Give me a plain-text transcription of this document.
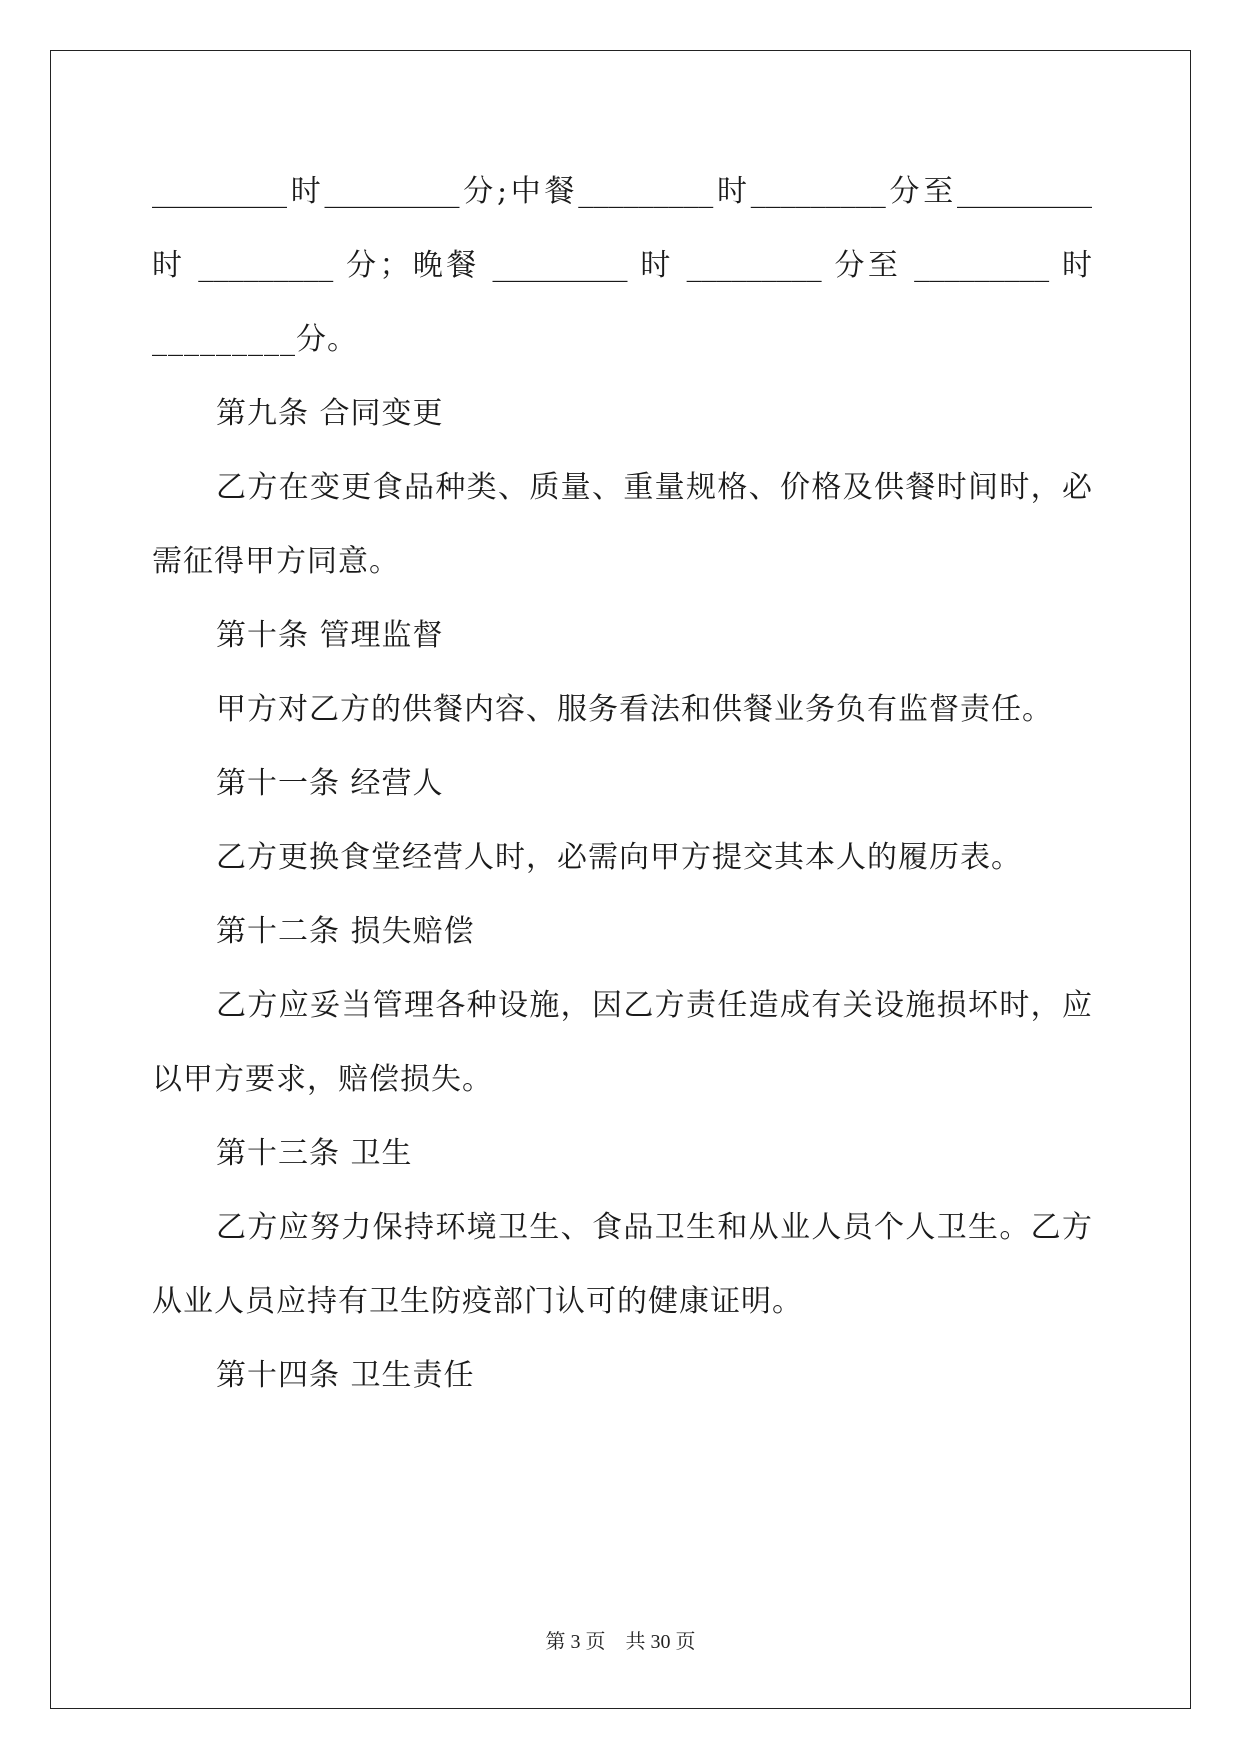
_________时_________分;中餐_________时_________分至_________
时 _________ 分；晚餐 _________ 时 _________ 分至 _________ 时
_________分。
第九条 合同变更
乙方在变更食品种类、质量、重量规格、价格及供餐时间时，必
需征得甲方同意。
第十条 管理监督
甲方对乙方的供餐内容、服务看法和供餐业务负有监督责任。
第十一条 经营人
乙方更换食堂经营人时，必需向甲方提交其本人的履历表。
第十二条 损失赔偿
乙方应妥当管理各种设施，因乙方责任造成有关设施损坏时，应
以甲方要求，赔偿损失。
第十三条 卫生
乙方应努力保持环境卫生、食品卫生和从业人员个人卫生。乙方
从业人员应持有卫生防疫部门认可的健康证明。
第十四条 卫生责任
第 3 页　共 30 页
